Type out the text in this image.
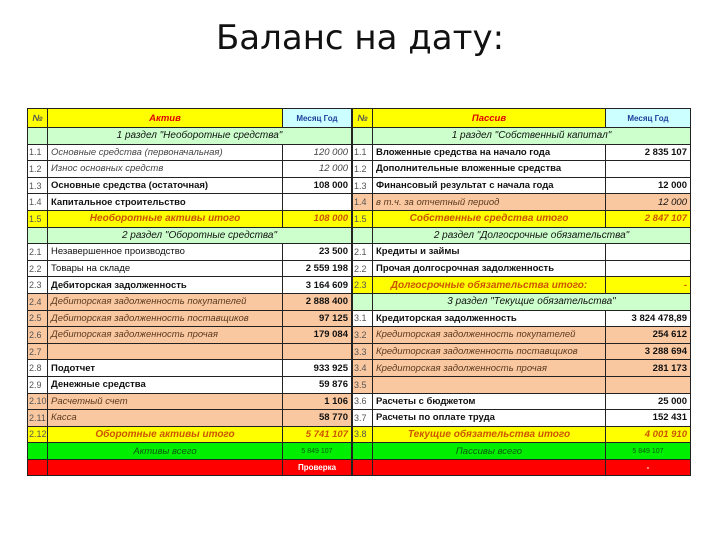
Баланс на дату:
№	Актив	Месяц Год
	1 раздел "Необоротные средства"	
1.1	Основные средства (первоначальная)	120 000
1.2	Износ основных средств	12 000
1.3	Основные средства (остаточная)	108 000
1.4	Капитальное строительство	
1.5	Необоротные активы итого	108 000
	2 раздел "Оборотные средства"	
2.1	Незавершенное производство	23 500
2.2	Товары на складе	2 559 198
2.3	Дебиторская задолженность	3 164 609
2.4	Дебиторская задолженность покупателей	2 888 400
2.5	Дебиторская задолженность поставщиков	97 125
2.6	Дебиторская задолженность прочая	179 084
2.7		
2.8	Подотчет	933 925
2.9	Денежные средства	59 876
2.10	Расчетный счет	1 106
2.11	Касса	58 770
2.12	Оборотные активы итого	5 741 107
	Активы всего	5 849 107
		Проверка
№	Пассив	Месяц Год
	1 раздел "Собственный капитал"	
1.1	Вложенные средства на начало года	2 835 107
1.2	Дополнительные вложенные средства	
1.3	Финансовый результат с начала года	12 000
1.4	в т.ч. за отчетный период	12 000
1.5	Собственные средства итого	2 847 107
	2 раздел "Долгосрочные обязательства"	
2.1	Кредиты и займы	
2.2	Прочая долгосрочная задолженность	
2.3	Долгосрочные обязательства итого:	-
	3 раздел "Текущие обязательства"	
3.1	Кредиторская задолженность	3 824 478,89
3.2	Кредиторская задолженность покупателей	254 612
3.3	Кредиторская задолженность поставщиков	3 288 694
3.4	Кредиторская задолженность прочая	281 173
3.5		
3.6	Расчеты с бюджетом	25 000
3.7	Расчеты по оплате труда	152 431
3.8	Текущие обязательства итого	4 001 910
	Пассивы всего	5 849 107
		-
